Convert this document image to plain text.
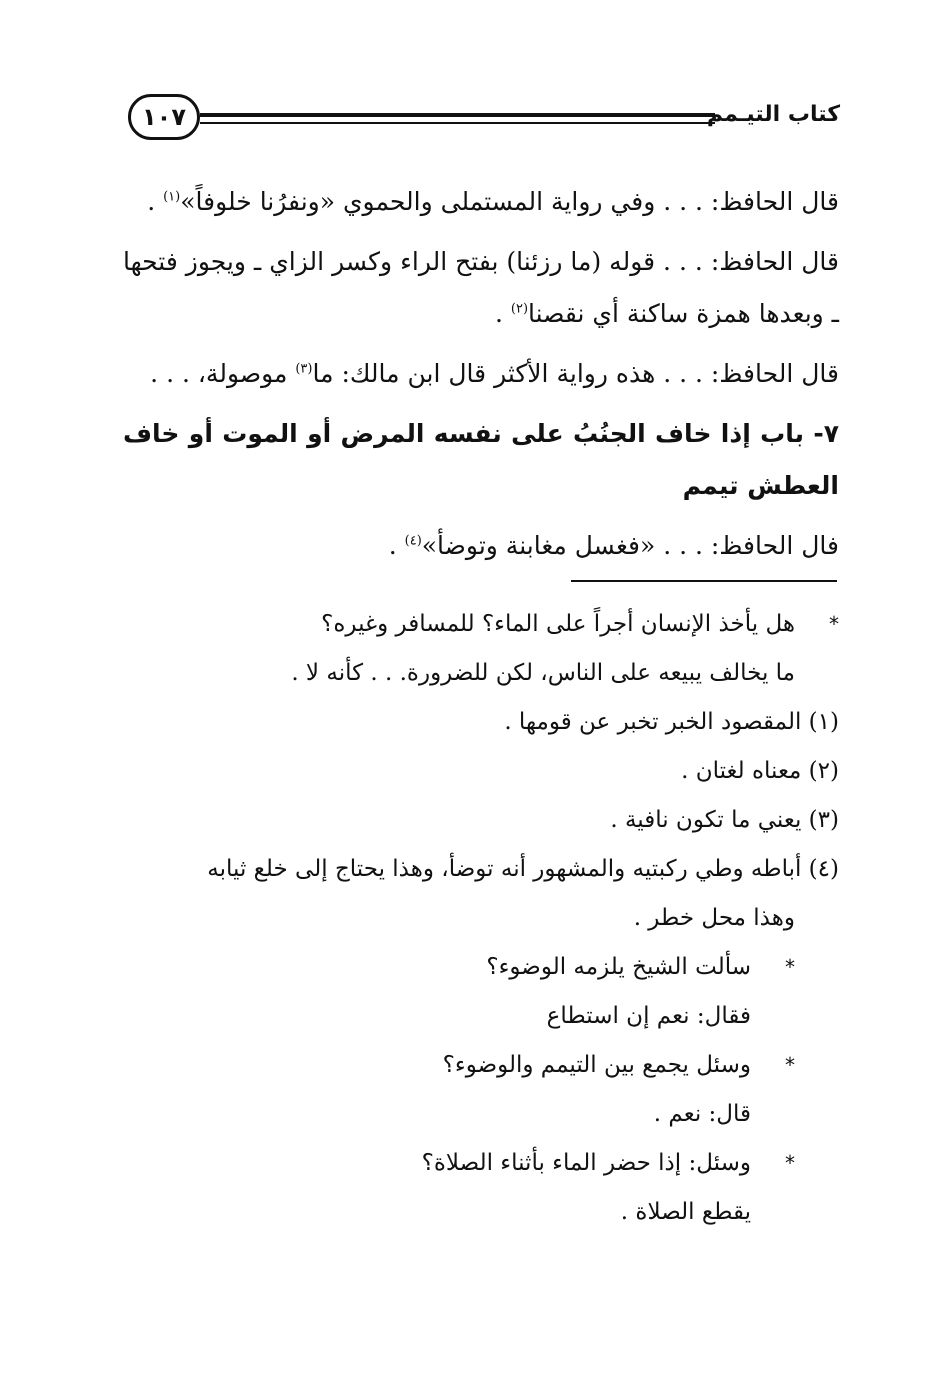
كتاب التيـمم
١٠٧

قال الحافظ: . . . وفي رواية المستملى والحموي «ونفرُنا خلوفاً»$^{(١)}$ .

قال الحافظ: . . . قوله (ما رزئنا) بفتح الراء وكسر الزاي ـ ويجوز فتحها ـ وبعدها همزة ساكنة أي نقصنا$^{(٢)}$ .

قال الحافظ: . . . هذه رواية الأكثر قال ابن مالك: ما$^{(٣)}$ موصولة، . . .

٧- باب إذا خاف الجنُبُ على نفسه المرض أو الموت أو خاف العطش تيمم

فال الحافظ: . . . «فغسل مغابنة وتوضأ»$^{(٤)}$ .

*هل يأخذ الإنسان أجراً على الماء؟ للمسافر وغيره؟

ما يخالف يبيعه على الناس، لكن للضرورة. . . كأنه لا .

(١) المقصود الخبر تخبر عن قومها .

(٢) معناه لغتان .

(٣) يعني ما تكون نافية .

(٤) أباطه وطي ركبتيه والمشهور أنه توضأ، وهذا يحتاج إلى خلع ثيابه

وهذا محل خطر .

*سألت الشيخ يلزمه الوضوء؟

فقال: نعم إن استطاع

*وسئل يجمع بين التيمم والوضوء؟

قال: نعم .

*وسئل: إذا حضر الماء بأثناء الصلاة؟

يقطع الصلاة .
